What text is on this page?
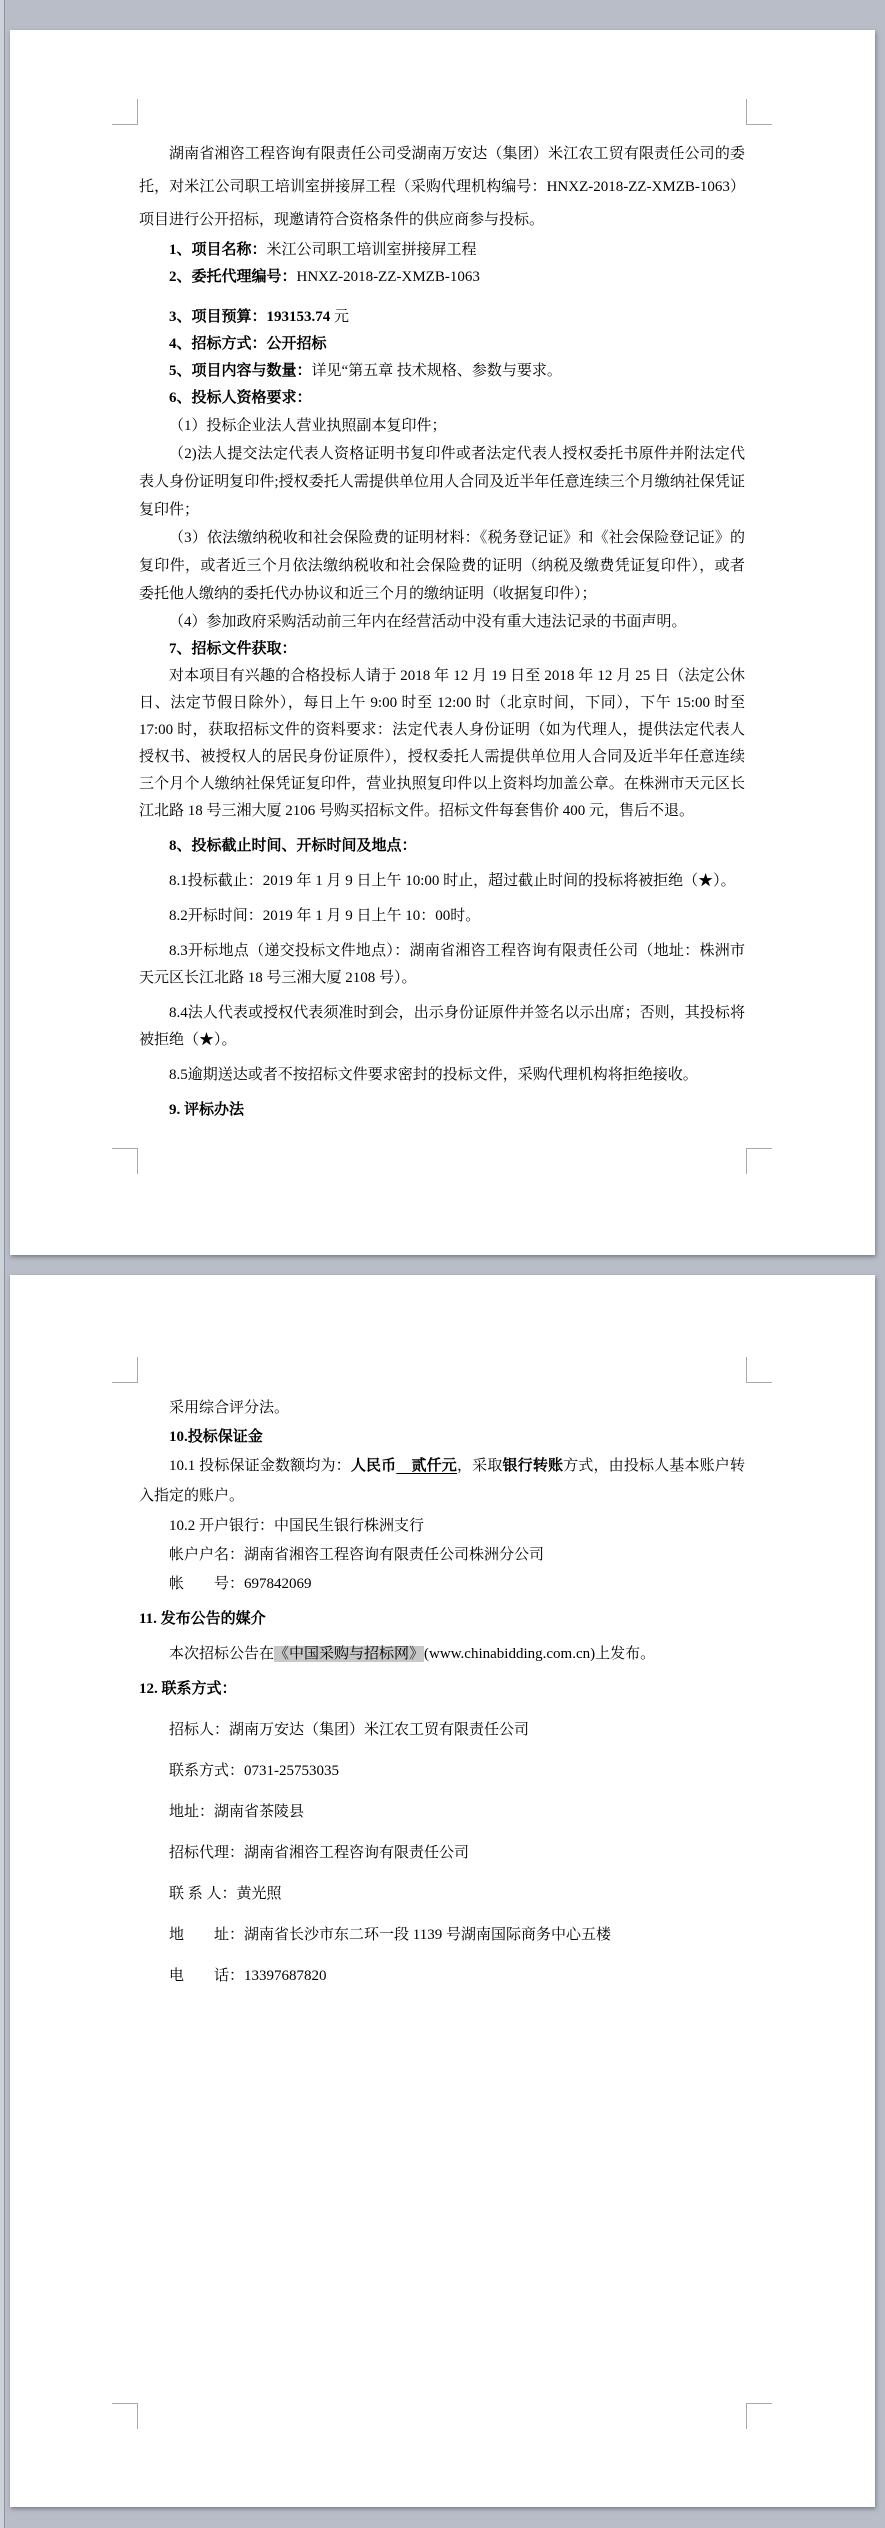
湖南省湘咨工程咨询有限责任公司受湖南万安达（集团）米江农工贸有限责任公司的委托，对米江公司职工培训室拼接屏工程（采购代理机构编号：HNXZ-2018-ZZ-XMZB-1063）项目进行公开招标，现邀请符合资格条件的供应商参与投标。

1、项目名称：米江公司职工培训室拼接屏工程

2、委托代理编号：HNXZ-2018-ZZ-XMZB-1063

3、项目预算：193153.74 元

4、招标方式：公开招标

5、项目内容与数量：详见“第五章 技术规格、参数与要求。

6、投标人资格要求：

（1）投标企业法人营业执照副本复印件；

（2)法人提交法定代表人资格证明书复印件或者法定代表人授权委托书原件并附法定代表人身份证明复印件;授权委托人需提供单位用人合同及近半年任意连续三个月缴纳社保凭证复印件；

（3）依法缴纳税收和社会保险费的证明材料：《税务登记证》和《社会保险登记证》的复印件，或者近三个月依法缴纳税收和社会保险费的证明（纳税及缴费凭证复印件），或者委托他人缴纳的委托代办协议和近三个月的缴纳证明（收据复印件）；

（4）参加政府采购活动前三年内在经营活动中没有重大违法记录的书面声明。

7、招标文件获取：

对本项目有兴趣的合格投标人请于 2018 年 12 月 19 日至 2018 年 12 月 25 日（法定公休日、法定节假日除外），每日上午 9:00 时至 12:00 时（北京时间，下同），下午 15:00 时至 17:00 时，获取招标文件的资料要求：法定代表人身份证明（如为代理人，提供法定代表人授权书、被授权人的居民身份证原件），授权委托人需提供单位用人合同及近半年任意连续三个月个人缴纳社保凭证复印件，营业执照复印件以上资料均加盖公章。在株洲市天元区长江北路 18 号三湘大厦 2106 号购买招标文件。招标文件每套售价 400 元，售后不退。

8、投标截止时间、开标时间及地点：

8.1投标截止：2019 年 1 月 9 日上午 10:00 时止，超过截止时间的投标将被拒绝（★）。

8.2开标时间：2019 年 1 月 9 日上午 10：00时。

8.3开标地点（递交投标文件地点）：湖南省湘咨工程咨询有限责任公司（地址：株洲市天元区长江北路 18 号三湘大厦 2108 号）。

8.4法人代表或授权代表须准时到会，出示身份证原件并签名以示出席；否则，其投标将被拒绝（★）。

8.5逾期送达或者不按招标文件要求密封的投标文件，采购代理机构将拒绝接收。

9. 评标办法

采用综合评分法。

10.投标保证金

10.1 投标保证金数额均为：人民币　贰仟元，采取银行转账方式，由投标人基本账户转入指定的账户。

10.2 开户银行：中国民生银行株洲支行

帐户户名：湖南省湘咨工程咨询有限责任公司株洲分公司

帐　　号：697842069

11. 发布公告的媒介

本次招标公告在《中国采购与招标网》(www.chinabidding.com.cn)上发布。

12. 联系方式：

招标人：湖南万安达（集团）米江农工贸有限责任公司

联系方式：0731-25753035

地址：湖南省茶陵县

招标代理：湖南省湘咨工程咨询有限责任公司

联 系 人：黄光照

地　　址：湖南省长沙市东二环一段 1139 号湖南国际商务中心五楼

电　　话：13397687820
